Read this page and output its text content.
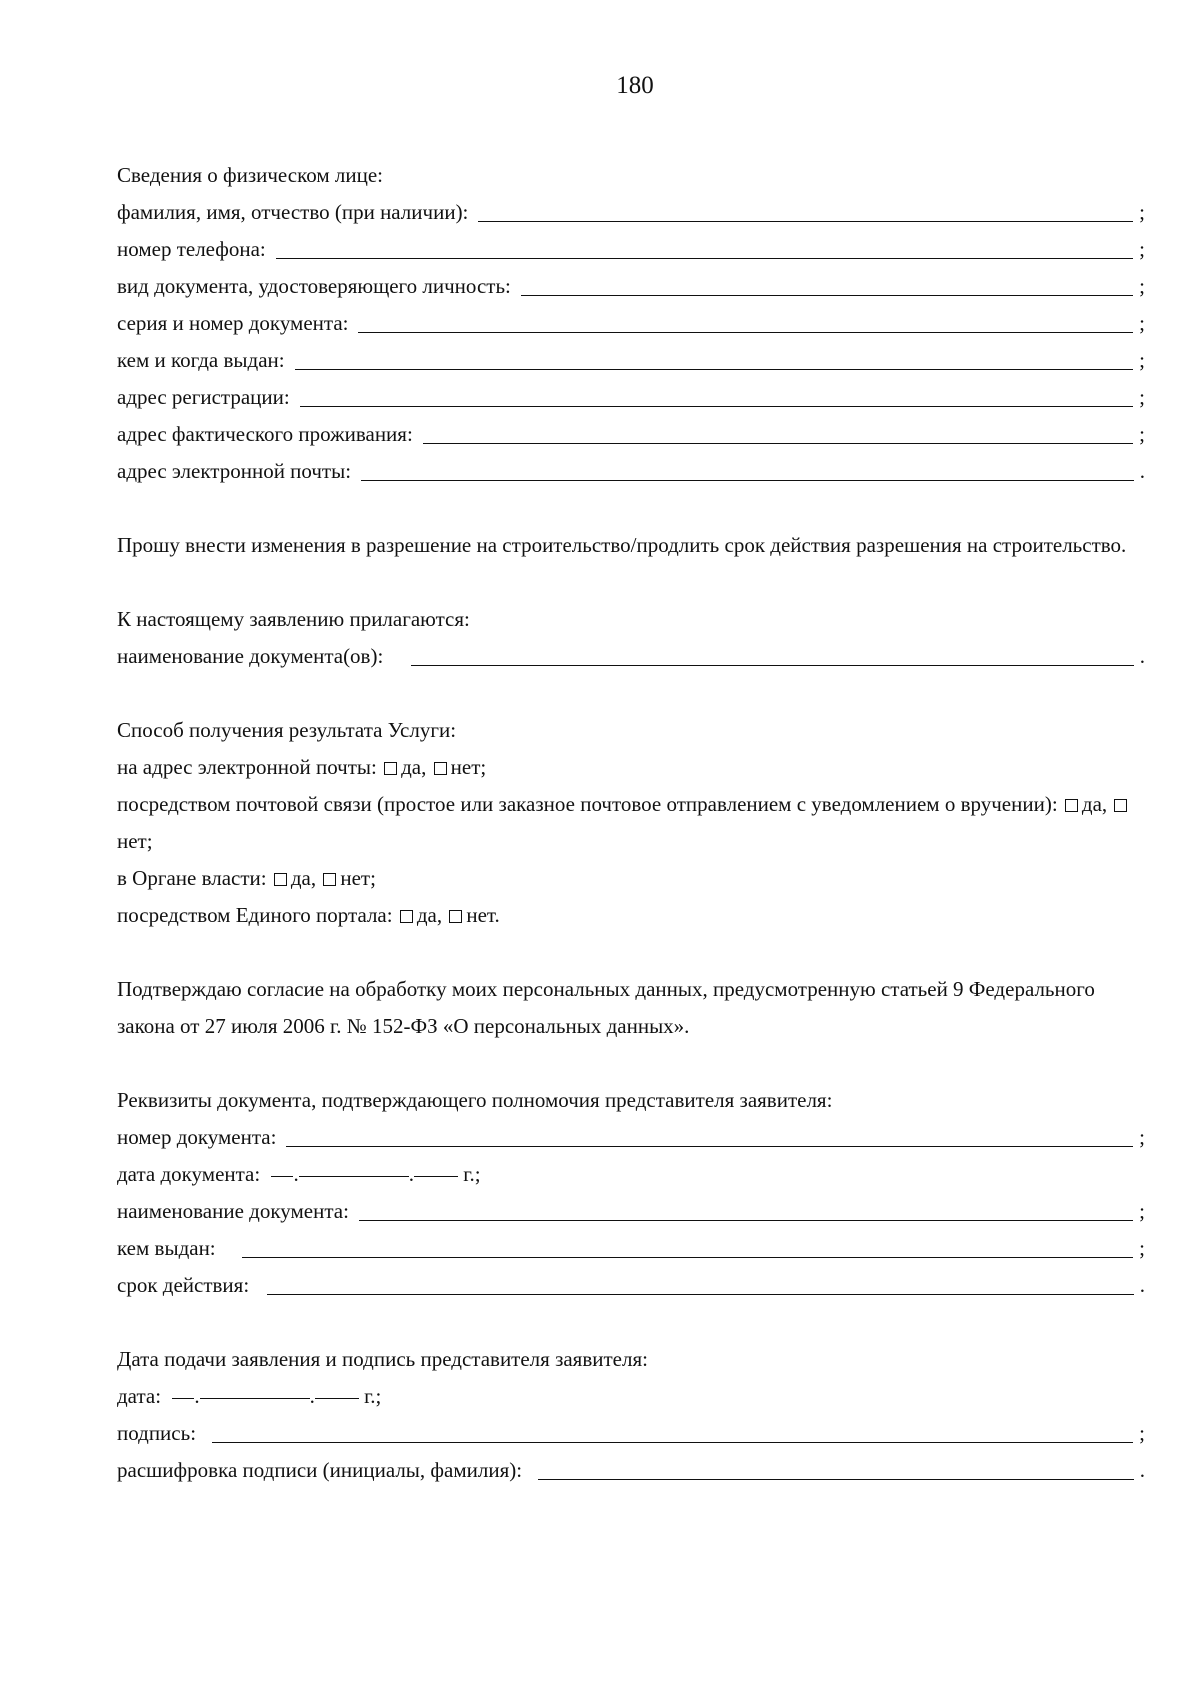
180
Сведения о физическом лице:
фамилия, имя, отчество (при наличии):	;
номер телефона:	;
вид документа, удостоверяющего личность:	;
серия и номер документа:	;
кем и когда выдан:	;
адрес регистрации:	;
адрес фактического проживания:	;
адрес электронной почты:	.
Прошу внести изменения в разрешение на строительство/продлить срок действия разрешения на строительство.
К настоящему заявлению прилагаются:
наименование документа(ов):	.
Способ получения результата Услуги:
на адрес электронной почты: да, нет;
посредством почтовой связи (простое или заказное почтовое отправлением с уведомлением о вручении): да, нет;
в Органе власти: да, нет;
посредством Единого портала: да, нет.
Подтверждаю согласие на обработку моих персональных данных, предусмотренную статьей 9 Федерального закона от 27 июля 2006 г. № 152-ФЗ «О персональных данных».
Реквизиты документа, подтверждающего полномочия представителя заявителя:
номер документа:	;
дата документа: .	. г.;
наименование документа:	;
кем выдан:	;
срок действия:	.
Дата подачи заявления и подпись представителя заявителя:
дата: .	. г.;
подпись:	;
расшифровка подписи (инициалы, фамилия):	.
